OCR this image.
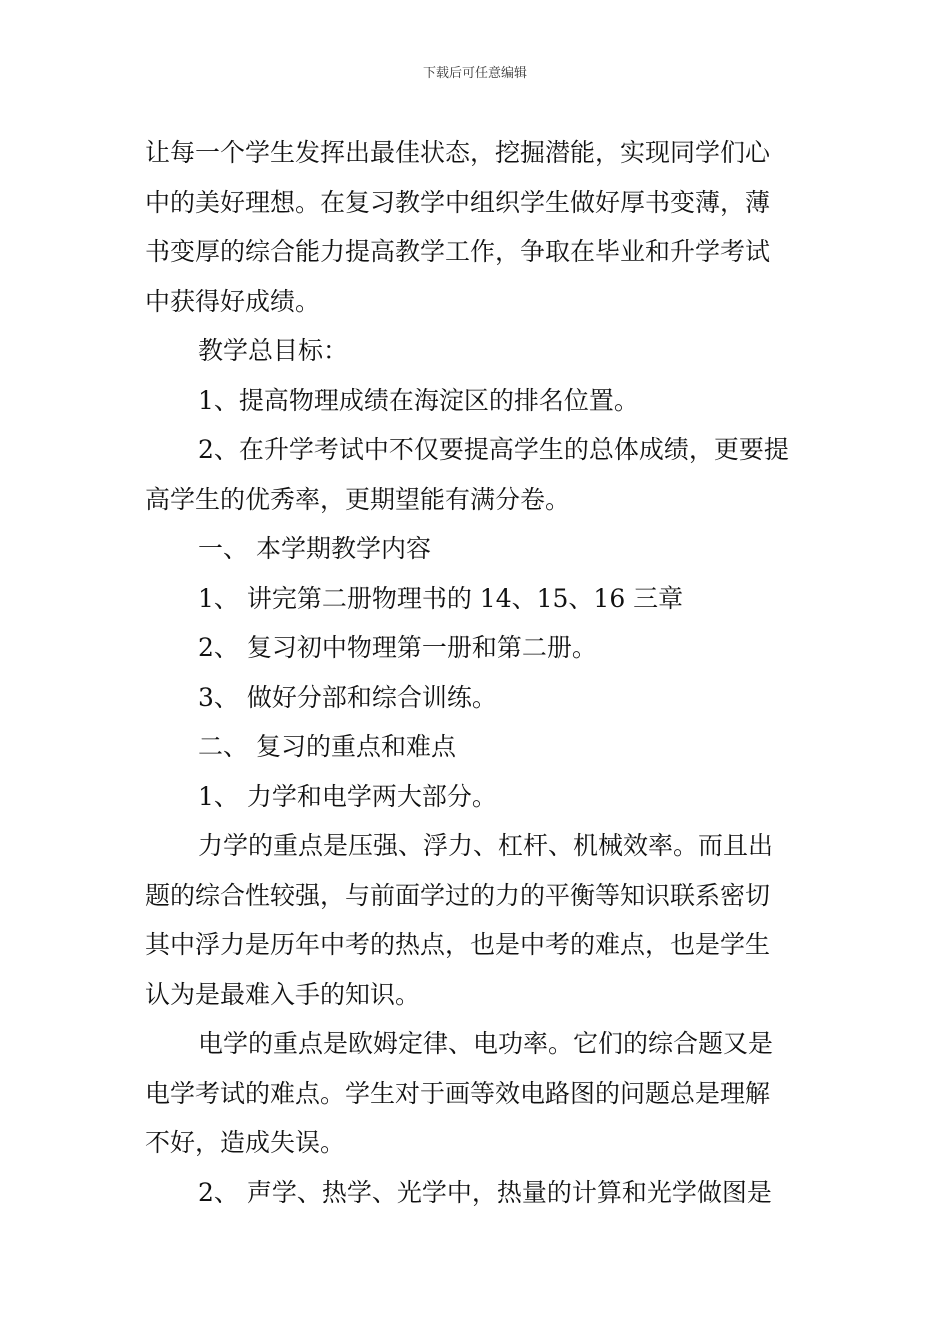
下载后可任意编辑

让每一个学生发挥出最佳状态，挖掘潜能，实现同学们心

中的美好理想。在复习教学中组织学生做好厚书变薄，薄

书变厚的综合能力提高教学工作，争取在毕业和升学考试

中获得好成绩。

教学总目标：

1、提高物理成绩在海淀区的排名位置。

2、在升学考试中不仅要提高学生的总体成绩，更要提

高学生的优秀率，更期望能有满分卷。

一、 本学期教学内容

1、 讲完第二册物理书的 14、15、16 三章

2、 复习初中物理第一册和第二册。

3、 做好分部和综合训练。

二、 复习的重点和难点

1、 力学和电学两大部分。

力学的重点是压强、浮力、杠杆、机械效率。而且出

题的综合性较强，与前面学过的力的平衡等知识联系密切

其中浮力是历年中考的热点，也是中考的难点，也是学生

认为是最难入手的知识。

电学的重点是欧姆定律、电功率。它们的综合题又是

电学考试的难点。学生对于画等效电路图的问题总是理解

不好，造成失误。

2、 声学、热学、光学中，热量的计算和光学做图是
